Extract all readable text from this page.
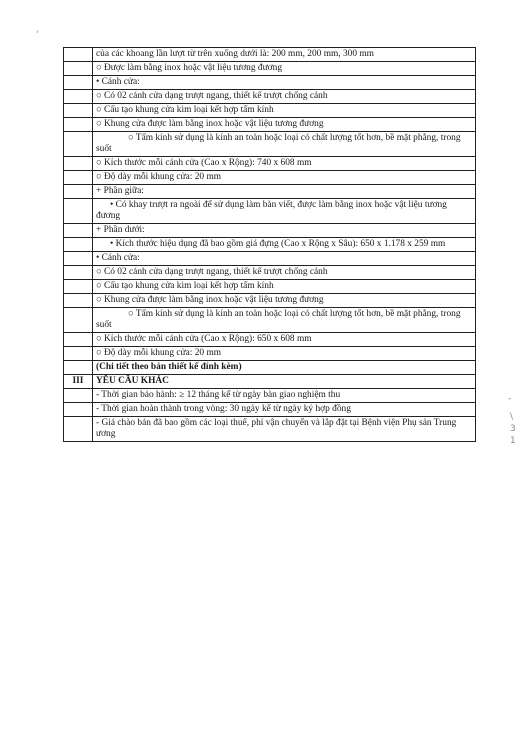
	của các khoang lần lượt từ trên xuống dưới là: 200 mm, 200 mm, 300 mm
	○ Được làm bằng inox hoặc vật liệu tương đương
	• Cánh cửa:
	○ Có 02 cánh cửa dạng trượt ngang, thiết kế trượt chống cánh
	○ Cấu tạo khung cửa kim loại kết hợp tấm kính
	○ Khung cửa được làm bằng inox hoặc vật liệu tương đương
	○ Tấm kính sử dụng là kính an toàn hoặc loại có chất lượng tốt hơn, bề mặt phẳng, trong suốt
	○ Kích thước mỗi cánh cửa (Cao x Rộng): 740 x 608 mm
	○ Độ dày mỗi khung cửa: 20 mm
	+ Phần giữa:
	• Có khay trượt ra ngoài để sử dụng làm bàn viết, được làm bằng inox hoặc vật liệu tương đương
	+ Phần dưới:
	• Kích thước hiệu dụng đã bao gồm giá đựng (Cao x Rộng x Sâu): 650 x 1.178 x 259 mm
	• Cánh cửa:
	○ Có 02 cánh cửa dạng trượt ngang, thiết kế trượt chống cánh
	○ Cấu tạo khung cửa kim loại kết hợp tấm kính
	○ Khung cửa được làm bằng inox hoặc vật liệu tương đương
	○ Tấm kính sử dụng là kính an toàn hoặc loại có chất lượng tốt hơn, bề mặt phẳng, trong suốt
	○ Kích thước mỗi cánh cửa (Cao x Rộng): 650 x 608 mm
	○ Độ dày mỗi khung cửa: 20 mm
	(Chi tiết theo bản thiết kế đính kèm)
III	YÊU CẦU KHÁC
	- Thời gian bảo hành: ≥ 12 tháng kể từ ngày bàn giao nghiệm thu
	- Thời gian hoàn thành trong vòng: 30 ngày kể từ ngày ký hợp đồng
	- Giá chào bán đã bao gồm các loại thuế, phí vận chuyển và lắp đặt tại Bệnh viện Phụ sản Trung ương
'
-
\
3
1
